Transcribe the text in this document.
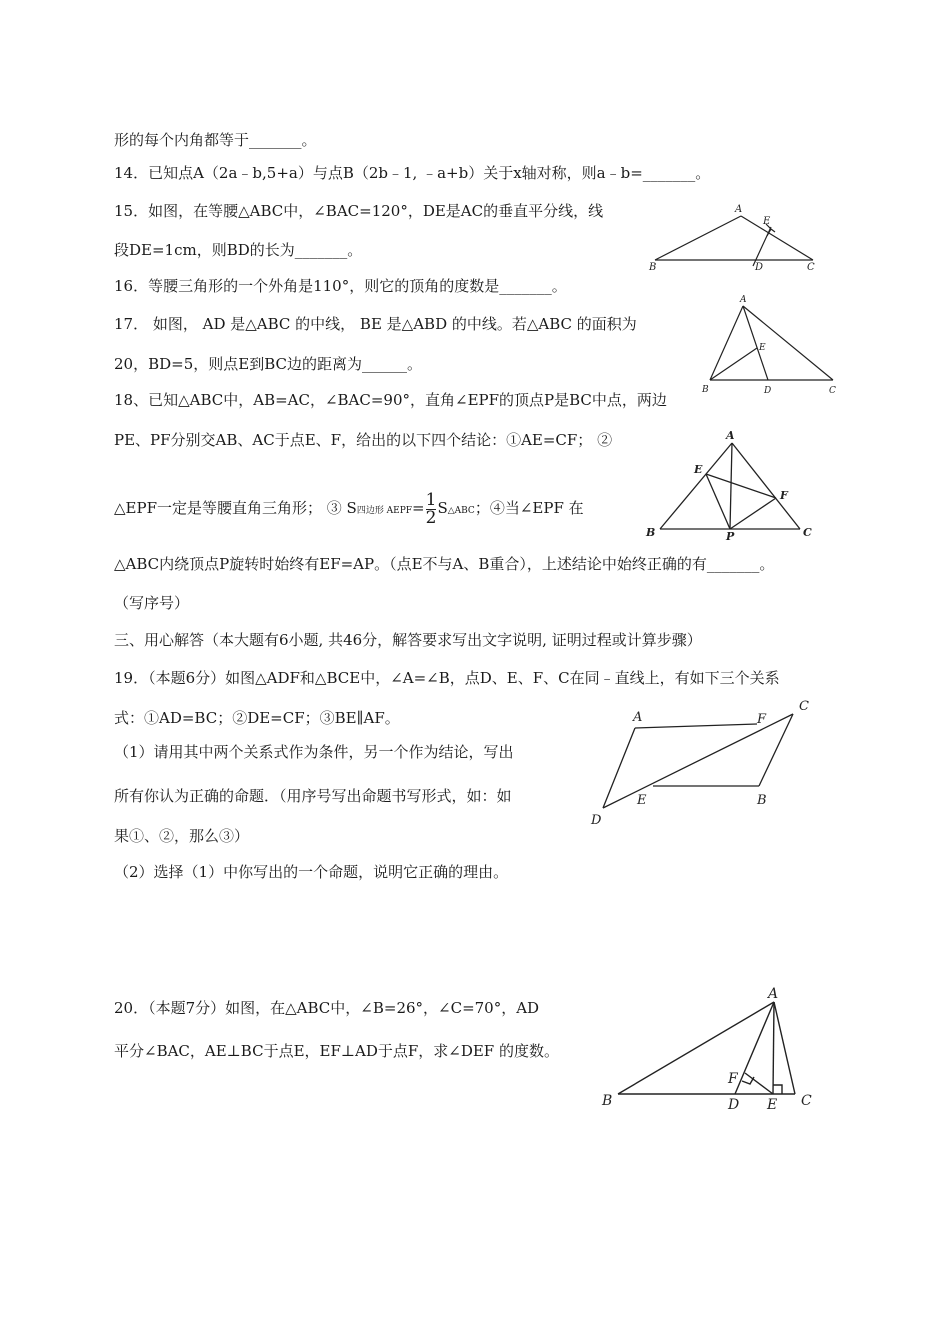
形的每个内角都等于_______。
14．已知点A（2a﹣b,5+a）与点B（2b﹣1, ﹣a+b）关于x轴对称，则a﹣b=_______。
15．如图，在等腰△ABC中，∠BAC=120°，DE是AC的垂直平分线，线
段DE=1cm，则BD的长为_______。
16．等腰三角形的一个外角是110°，则它的顶角的度数是_______。
17． 如图， AD 是△ABC 的中线， BE 是△ABD 的中线。若△ABC 的面积为
20，BD=5，则点E到BC边的距离为______。
18、已知△ABC中，AB=AC，∠BAC=90°，直角∠EPF的顶点P是BC中点，两边
PE、PF分别交AB、AC于点E、F，给出的以下四个结论：①AE=CF； ②
△EPF一定是等腰直角三角形； ③ S四边形 AEPF= $\frac{1}{2}$ S△ABC；④当∠EPF 在
△ABC内绕顶点P旋转时始终有EF=AP。（点E不与A、B重合），上述结论中始终正确的有_______。
（写序号）
三、用心解答（本大题有6小题, 共46分，解答要求写出文字说明, 证明过程或计算步骤）
19．（本题6分）如图△ADF和△BCE中，∠A=∠B，点D、E、F、C在同﹣直线上，有如下三个关系
式：①AD=BC；②DE=CF；③BE∥AF。
（1）请用其中两个关系式作为条件，另一个作为结论，写出
所有你认为正确的命题．（用序号写出命题书写形式，如：如
果①、②，那么③）
（2）选择（1）中你写出的一个命题，说明它正确的理由。
20．（本题7分）如图，在△ABC中，∠B=26°，∠C=70°，AD
平分∠BAC，AE⊥BC于点E，EF⊥AD于点F，求∠DEF 的度数。
A
E
B	D	C
A
E
B	D	C
A
E
F
B	P	C
A	F
C
E	B
D
A
F
B	D E C
